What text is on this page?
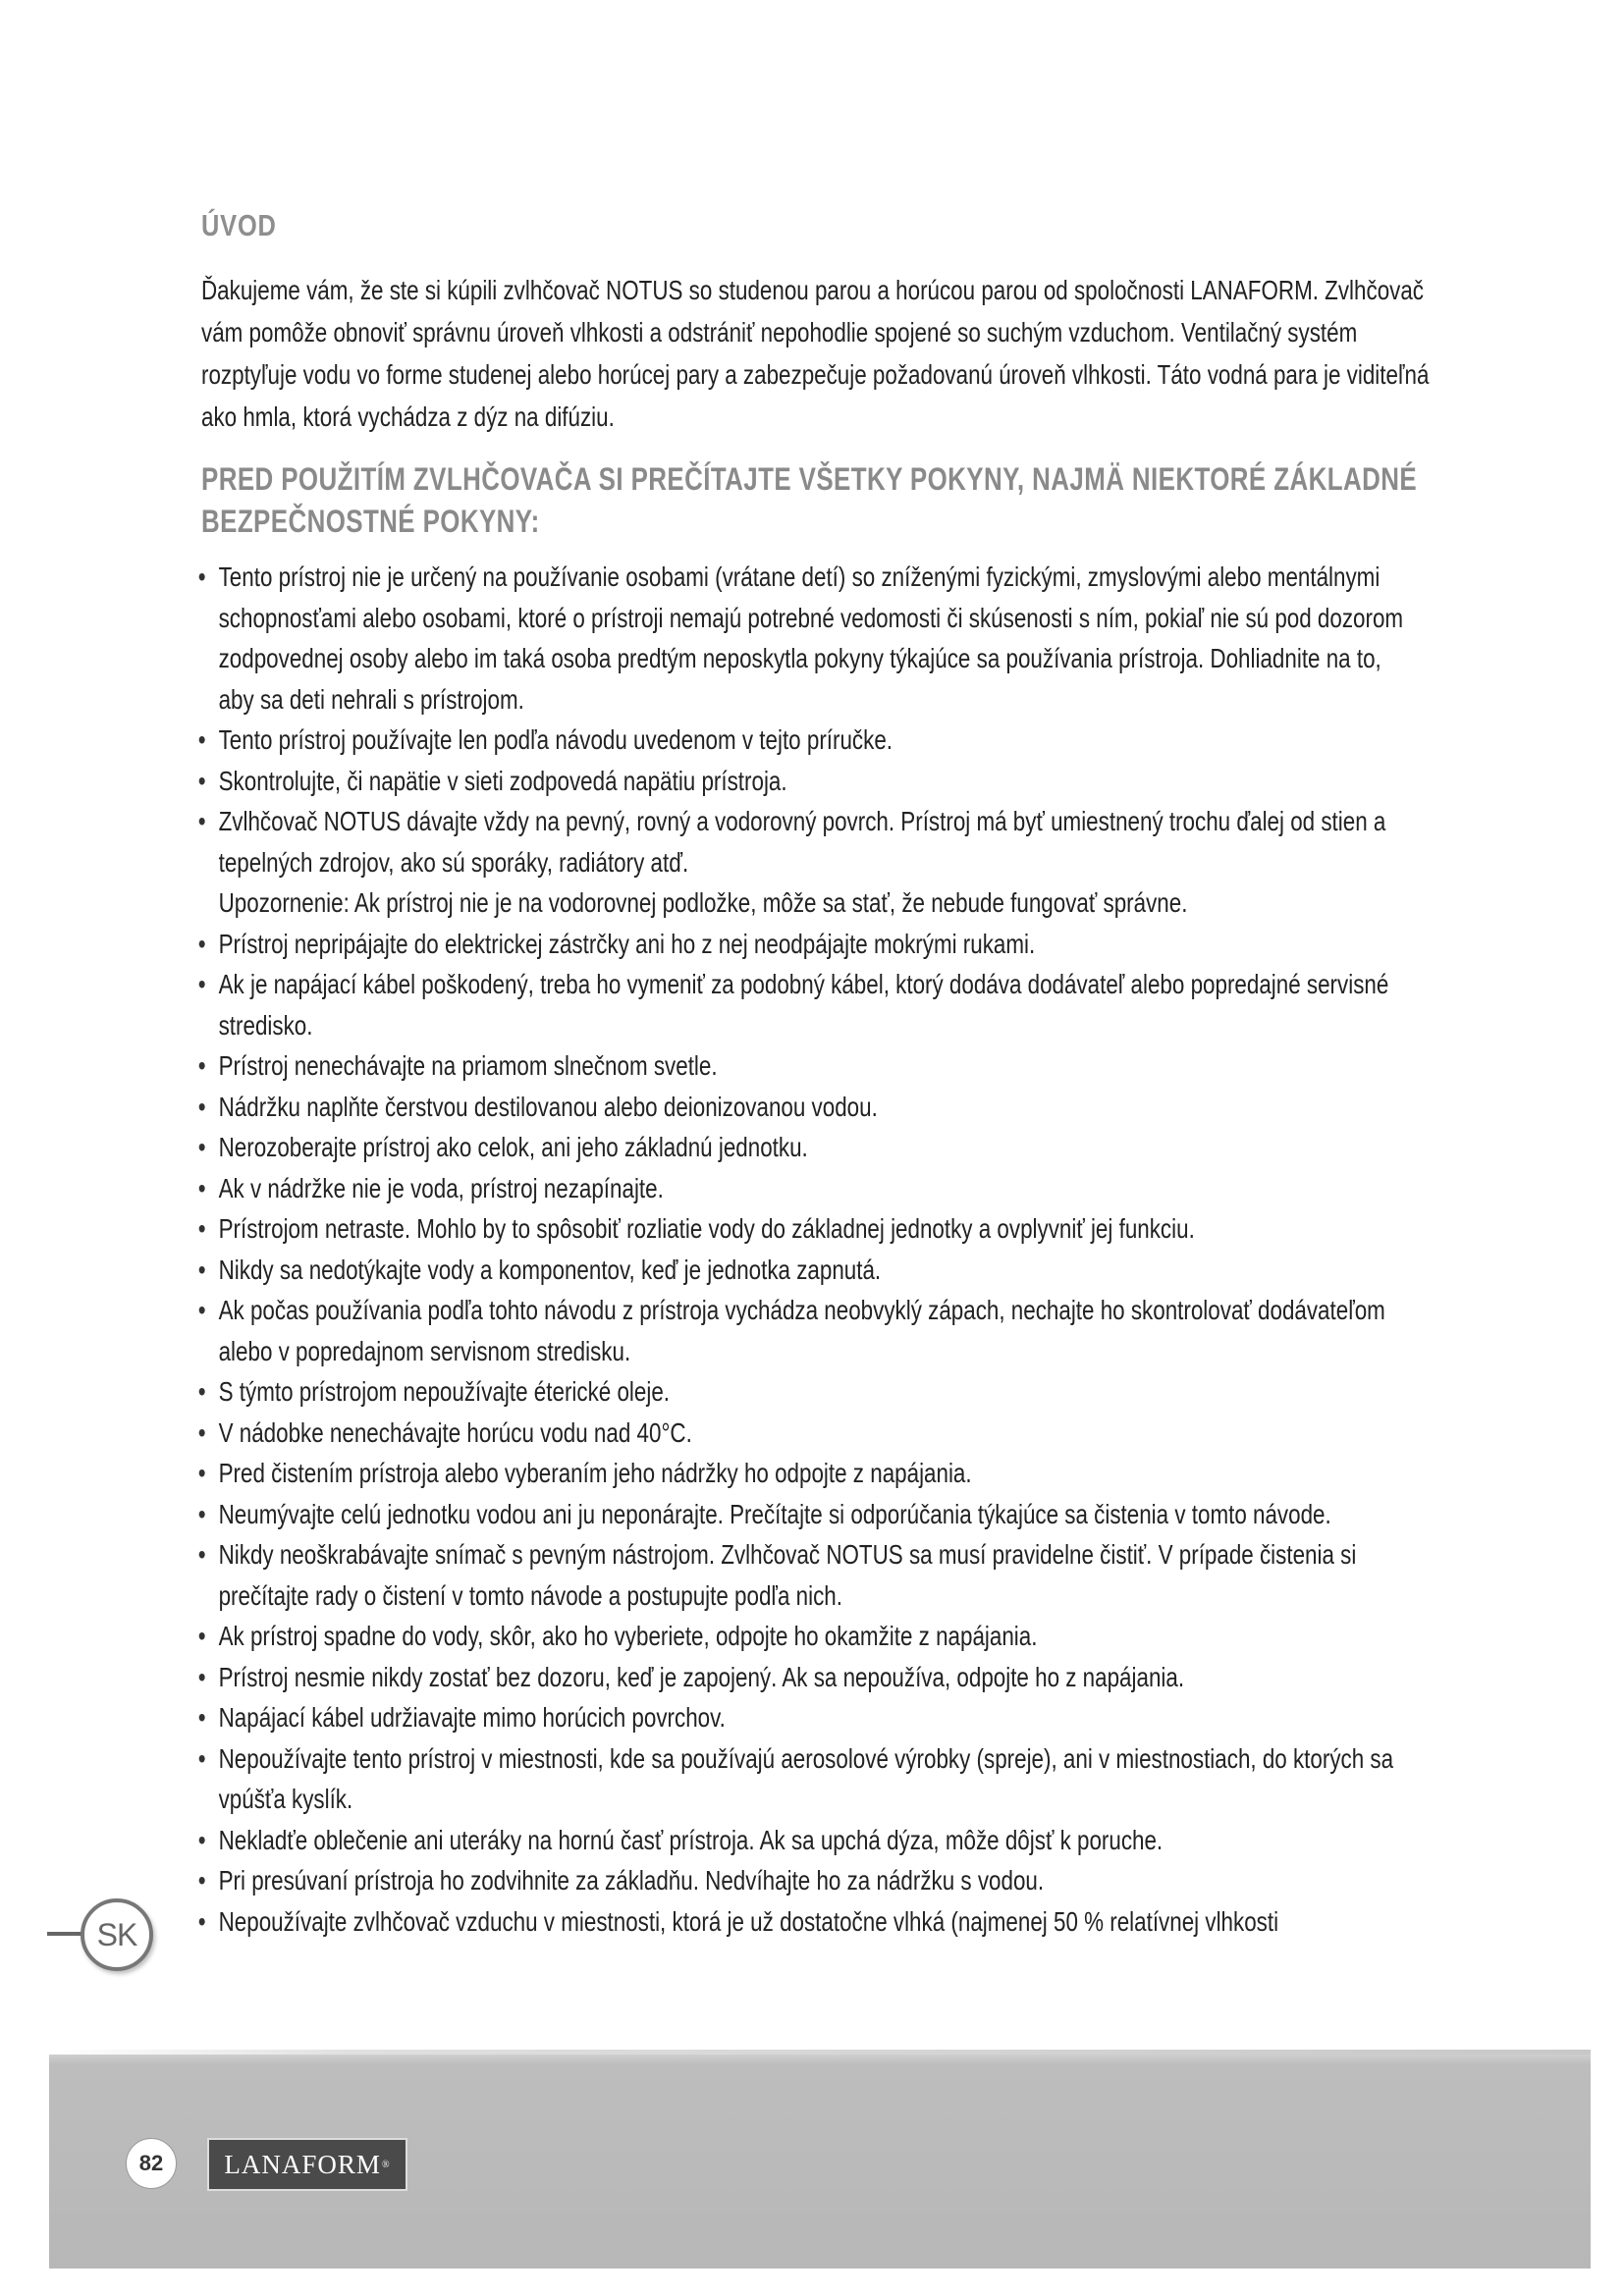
ÚVOD

Ďakujeme vám, že ste si kúpili zvlhčovač NOTUS so studenou parou a horúcou parou od spoločnosti LANAFORM. Zvlhčovač vám pomôže obnoviť správnu úroveň vlhkosti a odstrániť nepohodlie spojené so suchým vzduchom. Ventilačný systém rozptyľuje vodu vo forme studenej alebo horúcej pary a zabezpečuje požadovanú úroveň vlhkosti. Táto vodná para je viditeľná ako hmla, ktorá vychádza z dýz na difúziu.

PRED POUŽITÍM ZVLHČOVAČA SI PREČÍTAJTE VŠETKY POKYNY, NAJMÄ NIEKTORÉ ZÁKLADNÉ BEZPEČNOSTNÉ POKYNY:
• Tento prístroj nie je určený na používanie osobami (vrátane detí) so zníženými fyzickými, zmyslovými alebo mentálnymi schopnosťami alebo osobami, ktoré o prístroji nemajú potrebné vedomosti či skúsenosti s ním, pokiaľ nie sú pod dozorom zodpovednej osoby alebo im taká osoba predtým neposkytla pokyny týkajúce sa používania prístroja. Dohliadnite na to, aby sa deti nehrali s prístrojom.
• Tento prístroj používajte len podľa návodu uvedenom v tejto príručke.
• Skontrolujte, či napätie v sieti zodpovedá napätiu prístroja.
• Zvlhčovač NOTUS dávajte vždy na pevný, rovný a vodorovný povrch. Prístroj má byť umiestnený trochu ďalej od stien a tepelných zdrojov, ako sú sporáky, radiátory atď.
Upozornenie: Ak prístroj nie je na vodorovnej podložke, môže sa stať, že nebude fungovať správne.
• Prístroj nepripájajte do elektrickej zástrčky ani ho z nej neodpájajte mokrými rukami.
• Ak je napájací kábel poškodený, treba ho vymeniť za podobný kábel, ktorý dodáva dodávateľ alebo popredajné servisné stredisko.
• Prístroj nenechávajte na priamom slnečnom svetle.
• Nádržku naplňte čerstvou destilovanou alebo deionizovanou vodou.
• Nerozoberajte prístroj ako celok, ani jeho základnú jednotku.
• Ak v nádržke nie je voda, prístroj nezapínajte.
• Prístrojom netraste. Mohlo by to spôsobiť rozliatie vody do základnej jednotky a ovplyvniť jej funkciu.
• Nikdy sa nedotýkajte vody a komponentov, keď je jednotka zapnutá.
• Ak počas používania podľa tohto návodu z prístroja vychádza neobvyklý zápach, nechajte ho skontrolovať dodávateľom alebo v popredajnom servisnom stredisku.
• S týmto prístrojom nepoužívajte éterické oleje.
• V nádobke nenechávajte horúcu vodu nad 40°C.
• Pred čistením prístroja alebo vyberaním jeho nádržky ho odpojte z napájania.
• Neumývajte celú jednotku vodou ani ju neponárajte. Prečítajte si odporúčania týkajúce sa čistenia v tomto návode.
• Nikdy neoškrabávajte snímač s pevným nástrojom. Zvlhčovač NOTUS sa musí pravidelne čistiť. V prípade čistenia si prečítajte rady o čistení v tomto návode a postupujte podľa nich.
• Ak prístroj spadne do vody, skôr, ako ho vyberiete, odpojte ho okamžite z napájania.
• Prístroj nesmie nikdy zostať bez dozoru, keď je zapojený. Ak sa nepoužíva, odpojte ho z napájania.
• Napájací kábel udržiavajte mimo horúcich povrchov.
• Nepoužívajte tento prístroj v miestnosti, kde sa používajú aerosolové výrobky (spreje), ani v miestnostiach, do ktorých sa vpúšťa kyslík.
• Nekladťe oblečenie ani uteráky na hornú časť prístroja. Ak sa upchá dýza, môže dôjsť k poruche.
• Pri presúvaní prístroja ho zodvihnite za základňu. Nedvíhajte ho za nádržku s vodou.
• Nepoužívajte zvlhčovač vzduchu v miestnosti, ktorá je už dostatočne vlhká (najmenej 50 % relatívnej vlhkosti
SK
82	LANAFORM ®
